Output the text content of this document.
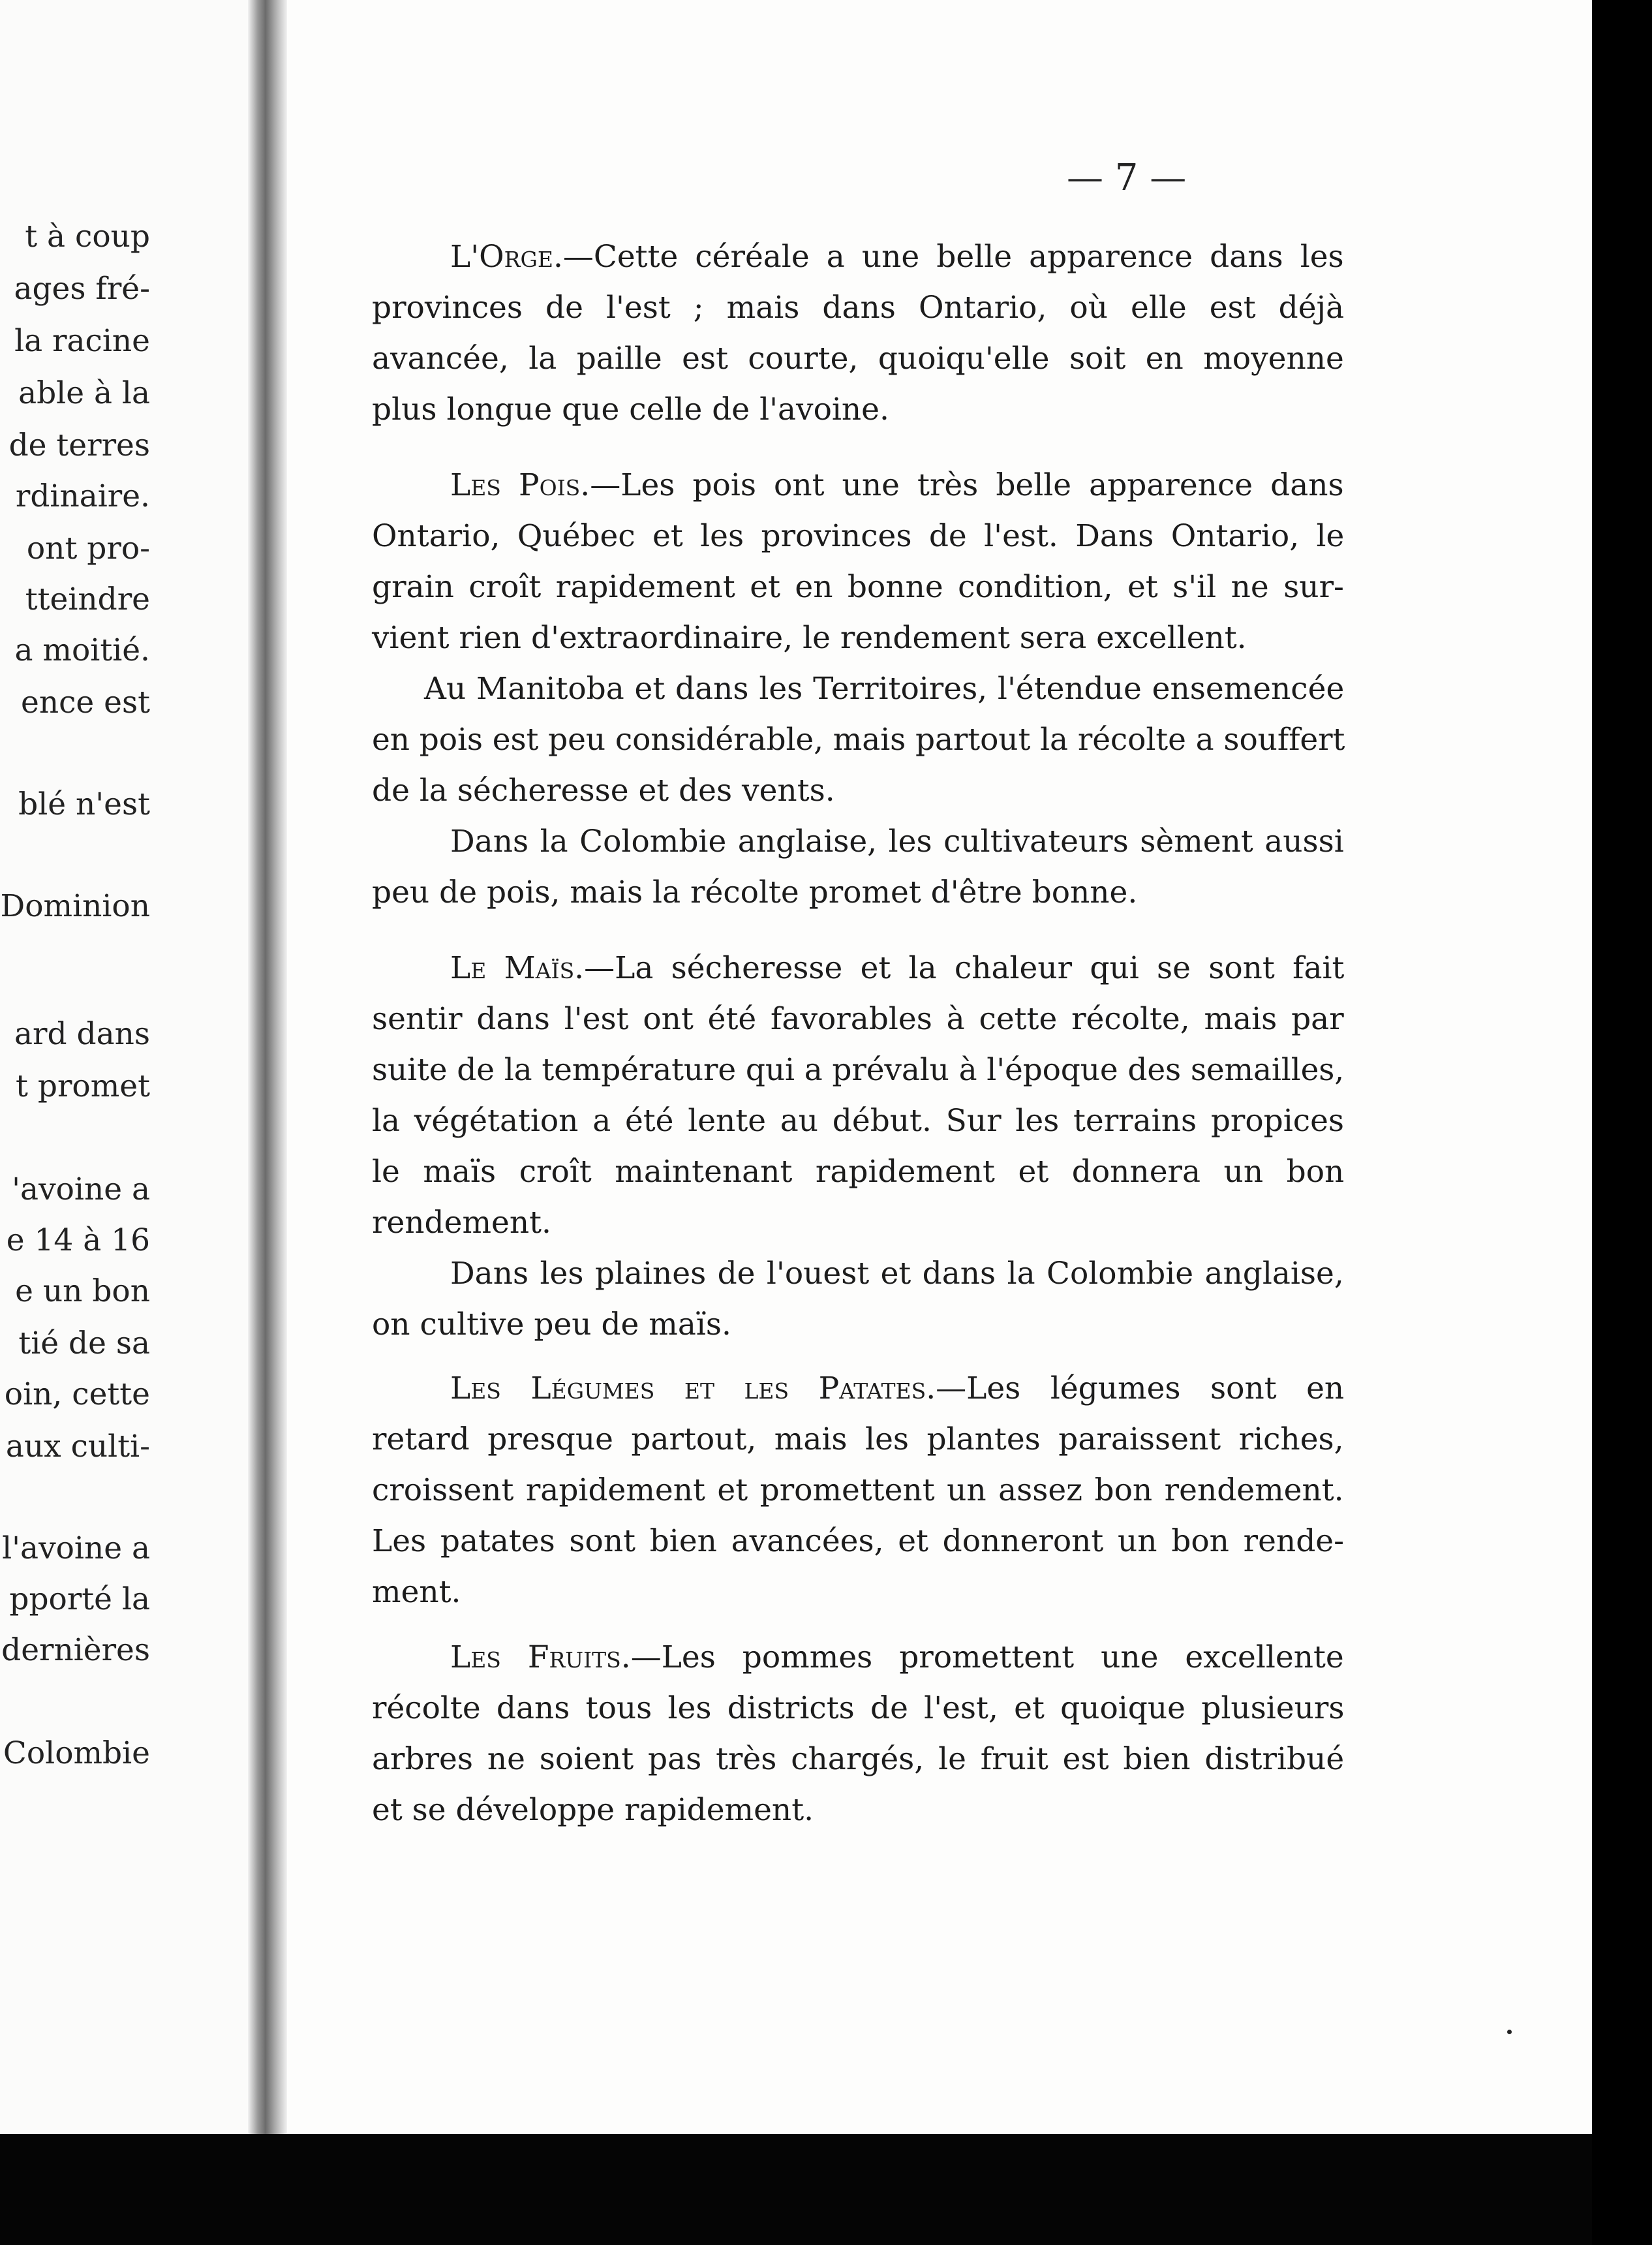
t à coup
ages fré-
la racine
able à la
de terres
rdinaire.
ont pro-
tteindre
a moitié.
ence est
blé n'est
Dominion
ard dans
t promet
'avoine a
e 14 à 16
e un bon
tié de sa
oin, cette
aux culti-
l'avoine a
pporté la
dernières
Colombie
— 7 —
L'Orge.—Cette céréale a une belle apparence dans les
provinces de l'est ; mais dans Ontario, où elle est déjà
avancée, la paille est courte, quoiqu'elle soit en moyenne
plus longue que celle de l'avoine.
Les Pois.—Les pois ont une très belle apparence dans
Ontario, Québec et les provinces de l'est. Dans Ontario, le
grain croît rapidement et en bonne condition, et s'il ne sur-
vient rien d'extraordinaire, le rendement sera excellent.
Au Manitoba et dans les Territoires, l'étendue ensemencée
en pois est peu considérable, mais partout la récolte a souffert
de la sécheresse et des vents.
Dans la Colombie anglaise, les cultivateurs sèment aussi
peu de pois, mais la récolte promet d'être bonne.
Le Maïs.—La sécheresse et la chaleur qui se sont fait
sentir dans l'est ont été favorables à cette récolte, mais par
suite de la température qui a prévalu à l'époque des semailles,
la végétation a été lente au début. Sur les terrains propices
le maïs croît maintenant rapidement et donnera un bon
rendement.
Dans les plaines de l'ouest et dans la Colombie anglaise,
on cultive peu de maïs.
Les Légumes et les Patates.—Les légumes sont en
retard presque partout, mais les plantes paraissent riches,
croissent rapidement et promettent un assez bon rendement.
Les patates sont bien avancées, et donneront un bon rende-
ment.
Les Fruits.—Les pommes promettent une excellente
récolte dans tous les districts de l'est, et quoique plusieurs
arbres ne soient pas très chargés, le fruit est bien distribué
et se développe rapidement.
